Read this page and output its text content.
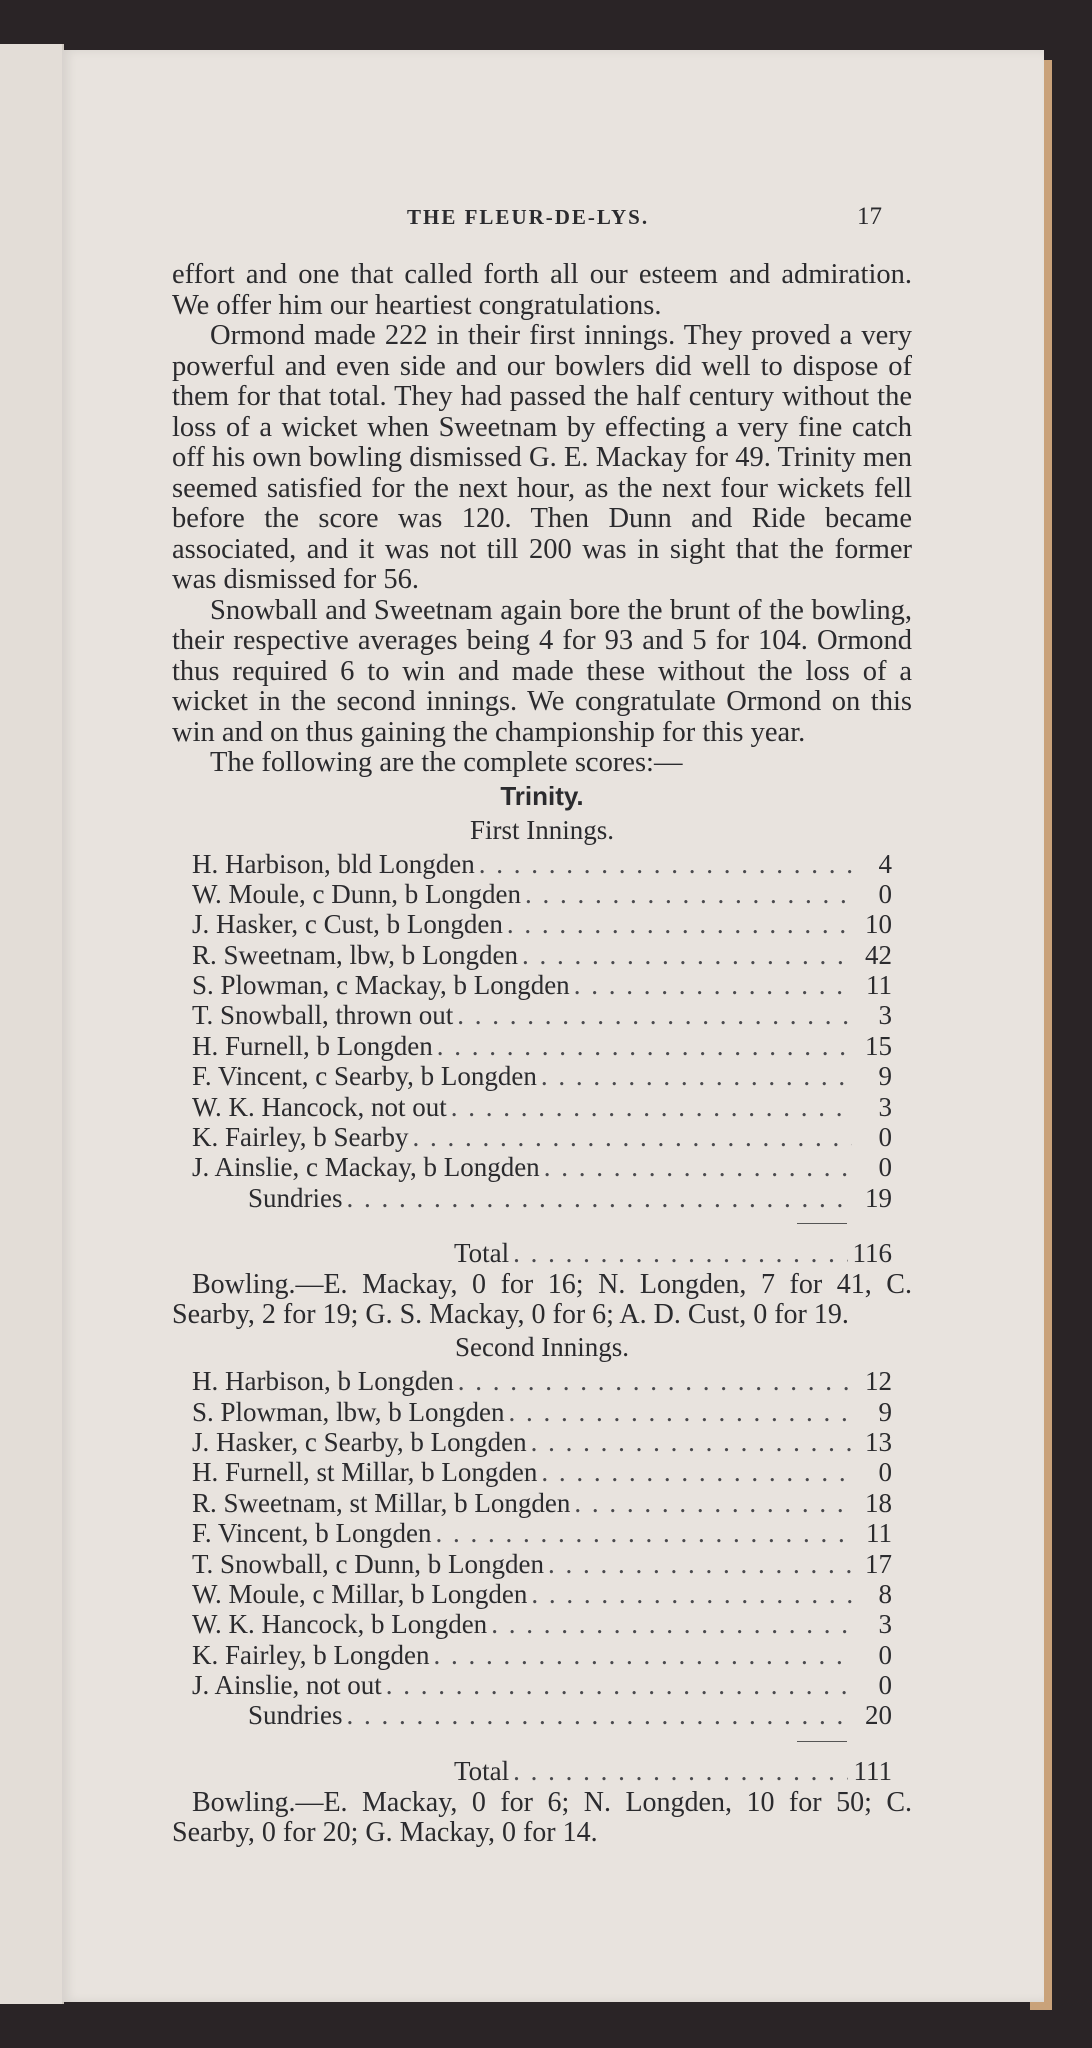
THE FLEUR-DE-LYS.	17

effort and one that called forth all our esteem and admiration. We offer him our heartiest congratulations.

Ormond made 222 in their first innings. They proved a very powerful and even side and our bowlers did well to dispose of them for that total. They had passed the half century without the loss of a wicket when Sweetnam by effecting a very fine catch off his own bowling dismissed G. E. Mackay for 49. Trinity men seemed satisfied for the next hour, as the next four wickets fell before the score was 120. Then Dunn and Ride became associated, and it was not till 200 was in sight that the former was dismissed for 56.

Snowball and Sweetnam again bore the brunt of the bowling, their respective averages being 4 for 93 and 5 for 104. Ormond thus required 6 to win and made these without the loss of a wicket in the second innings. We congratulate Ormond on this win and on thus gaining the championship for this year.

The following are the complete scores:—

Trinity.

First Innings.

H. Harbison, bld Longden . . .	4
W. Moule, c Dunn, b Longden . . .	0
J. Hasker, c Cust, b Longden . . .	10
R. Sweetnam, lbw, b Longden . . .	42
S. Plowman, c Mackay, b Longden . . .	11
T. Snowball, thrown out . . .	3
H. Furnell, b Longden . . .	15
F. Vincent, c Searby, b Longden . . .	9
W. K. Hancock, not out . . .	3
K. Fairley, b Searby . . .	0
J. Ainslie, c Mackay, b Longden . . .	0
Sundries . . .	19
Total . . .	116

Bowling.—E. Mackay, 0 for 16; N. Longden, 7 for 41, C. Searby, 2 for 19; G. S. Mackay, 0 for 6; A. D. Cust, 0 for 19.

Second Innings.

H. Harbison, b Longden . . .	12
S. Plowman, lbw, b Longden . . .	9
J. Hasker, c Searby, b Longden . . .	13
H. Furnell, st Millar, b Longden . . .	0
R. Sweetnam, st Millar, b Longden . . .	18
F. Vincent, b Longden . . .	11
T. Snowball, c Dunn, b Longden . . .	17
W. Moule, c Millar, b Longden . . .	8
W. K. Hancock, b Longden . . .	3
K. Fairley, b Longden . . .	0
J. Ainslie, not out . . .	0
Sundries . . .	20
Total . . .	111

Bowling.—E. Mackay, 0 for 6; N. Longden, 10 for 50; C. Searby, 0 for 20; G. Mackay, 0 for 14.
